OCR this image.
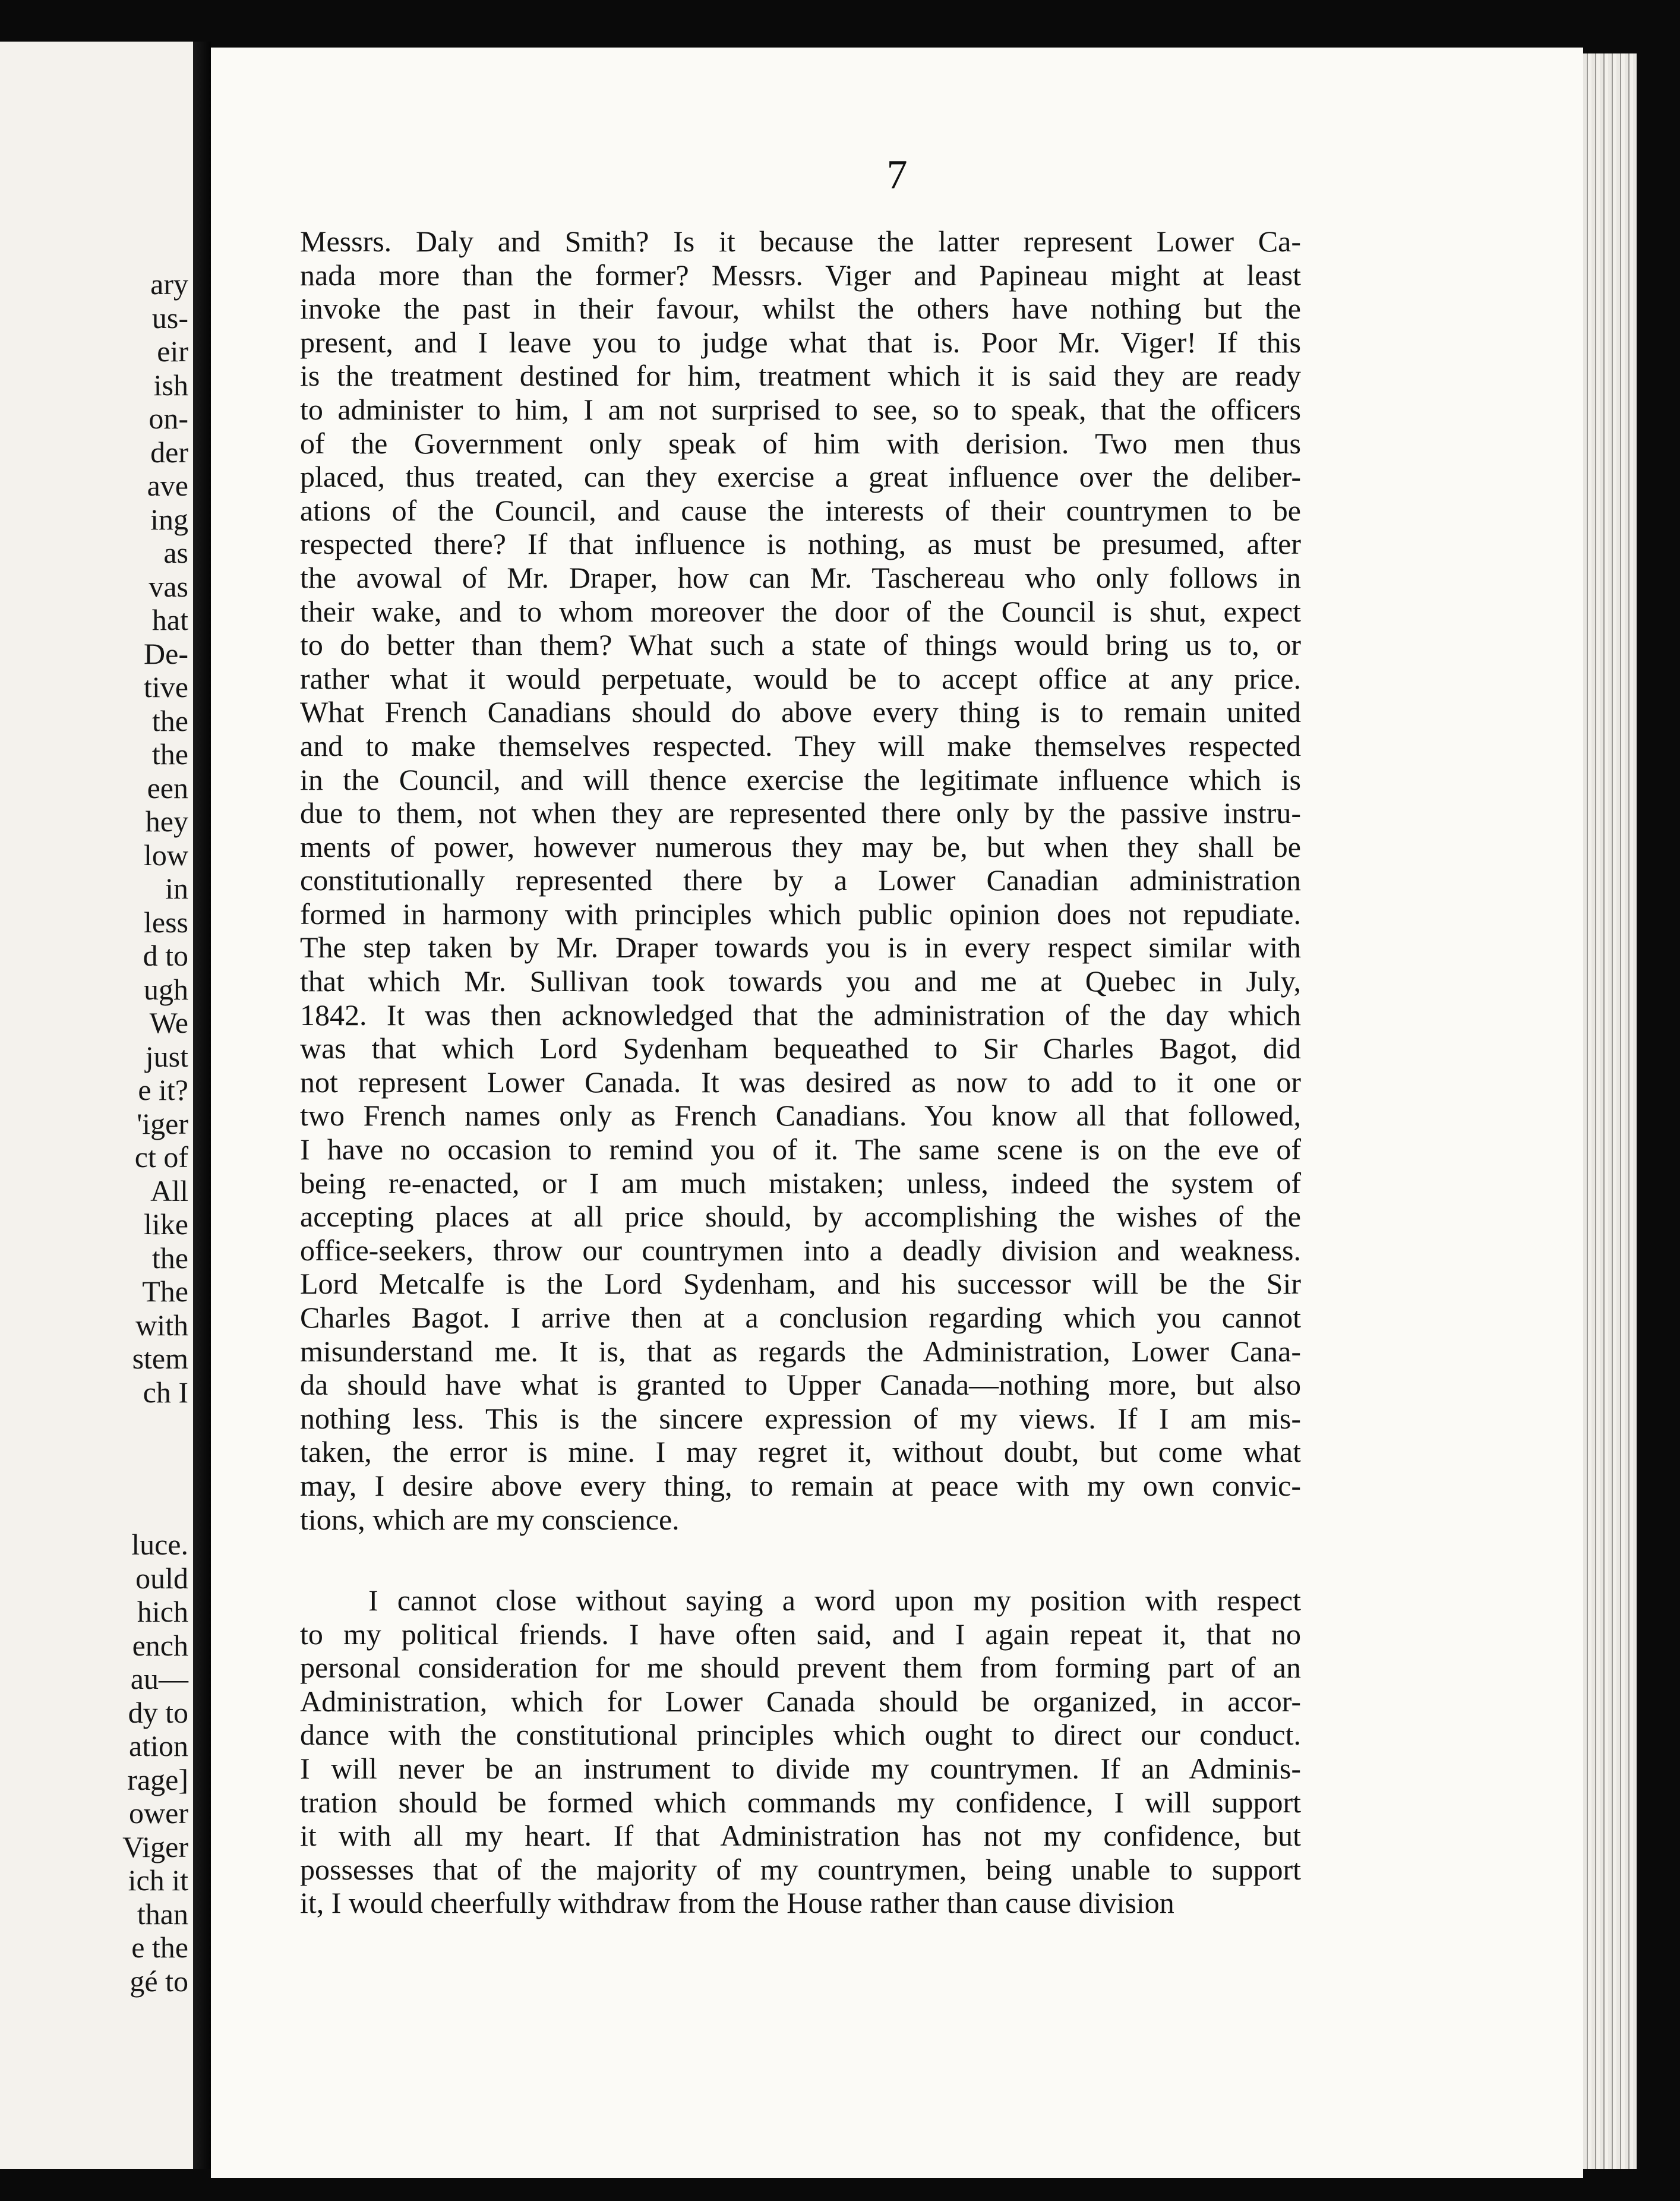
ary
us-
eir
ish
on-
der
ave
ing
as
vas
hat
De-
tive
the
the
een
hey
low
in
less
d to
ugh
We
just
e it?
'iger
ct of
All
like
the
The
with
stem
ch I
luce.
ould
hich
ench
au—
dy to
ation
rage]
ower
Viger
ich it
than
e the
gé to
7
Messrs. Daly and Smith? Is it because the latter represent Lower Ca-
nada more than the former? Messrs. Viger and Papineau might at least
invoke the past in their favour, whilst the others have nothing but the
present, and I leave you to judge what that is. Poor Mr. Viger! If this
is the treatment destined for him, treatment which it is said they are ready
to administer to him, I am not surprised to see, so to speak, that the officers
of the Government only speak of him with derision. Two men thus
placed, thus treated, can they exercise a great influence over the deliber-
ations of the Council, and cause the interests of their countrymen to be
respected there? If that influence is nothing, as must be presumed, after
the avowal of Mr. Draper, how can Mr. Taschereau who only follows in
their wake, and to whom moreover the door of the Council is shut, expect
to do better than them? What such a state of things would bring us to, or
rather what it would perpetuate, would be to accept office at any price.
What French Canadians should do above every thing is to remain united
and to make themselves respected. They will make themselves respected
in the Council, and will thence exercise the legitimate influence which is
due to them, not when they are represented there only by the passive instru-
ments of power, however numerous they may be, but when they shall be
constitutionally represented there by a Lower Canadian administration
formed in harmony with principles which public opinion does not repudiate.
The step taken by Mr. Draper towards you is in every respect similar with
that which Mr. Sullivan took towards you and me at Quebec in July,
1842. It was then acknowledged that the administration of the day which
was that which Lord Sydenham bequeathed to Sir Charles Bagot, did
not represent Lower Canada. It was desired as now to add to it one or
two French names only as French Canadians. You know all that followed,
I have no occasion to remind you of it. The same scene is on the eve of
being re-enacted, or I am much mistaken; unless, indeed the system of
accepting places at all price should, by accomplishing the wishes of the
office-seekers, throw our countrymen into a deadly division and weakness.
Lord Metcalfe is the Lord Sydenham, and his successor will be the Sir
Charles Bagot. I arrive then at a conclusion regarding which you cannot
misunderstand me. It is, that as regards the Administration, Lower Cana-
da should have what is granted to Upper Canada—nothing more, but also
nothing less. This is the sincere expression of my views. If I am mis-
taken, the error is mine. I may regret it, without doubt, but come what
may, I desire above every thing, to remain at peace with my own convic-
tions, which are my conscience.
I cannot close without saying a word upon my position with respect
to my political friends. I have often said, and I again repeat it, that no
personal consideration for me should prevent them from forming part of an
Administration, which for Lower Canada should be organized, in accor-
dance with the constitutional principles which ought to direct our conduct.
I will never be an instrument to divide my countrymen. If an Adminis-
tration should be formed which commands my confidence, I will support
it with all my heart. If that Administration has not my confidence, but
possesses that of the majority of my countrymen, being unable to support
it, I would cheerfully withdraw from the House rather than cause division
